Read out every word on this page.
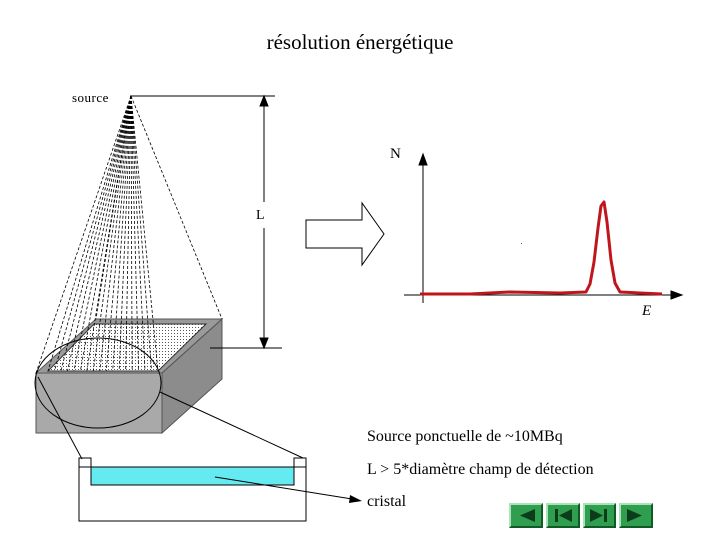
résolution énergétique
source
N
L
E
Source ponctuelle de ~10MBq
L > 5*diamètre champ de détection
cristal
